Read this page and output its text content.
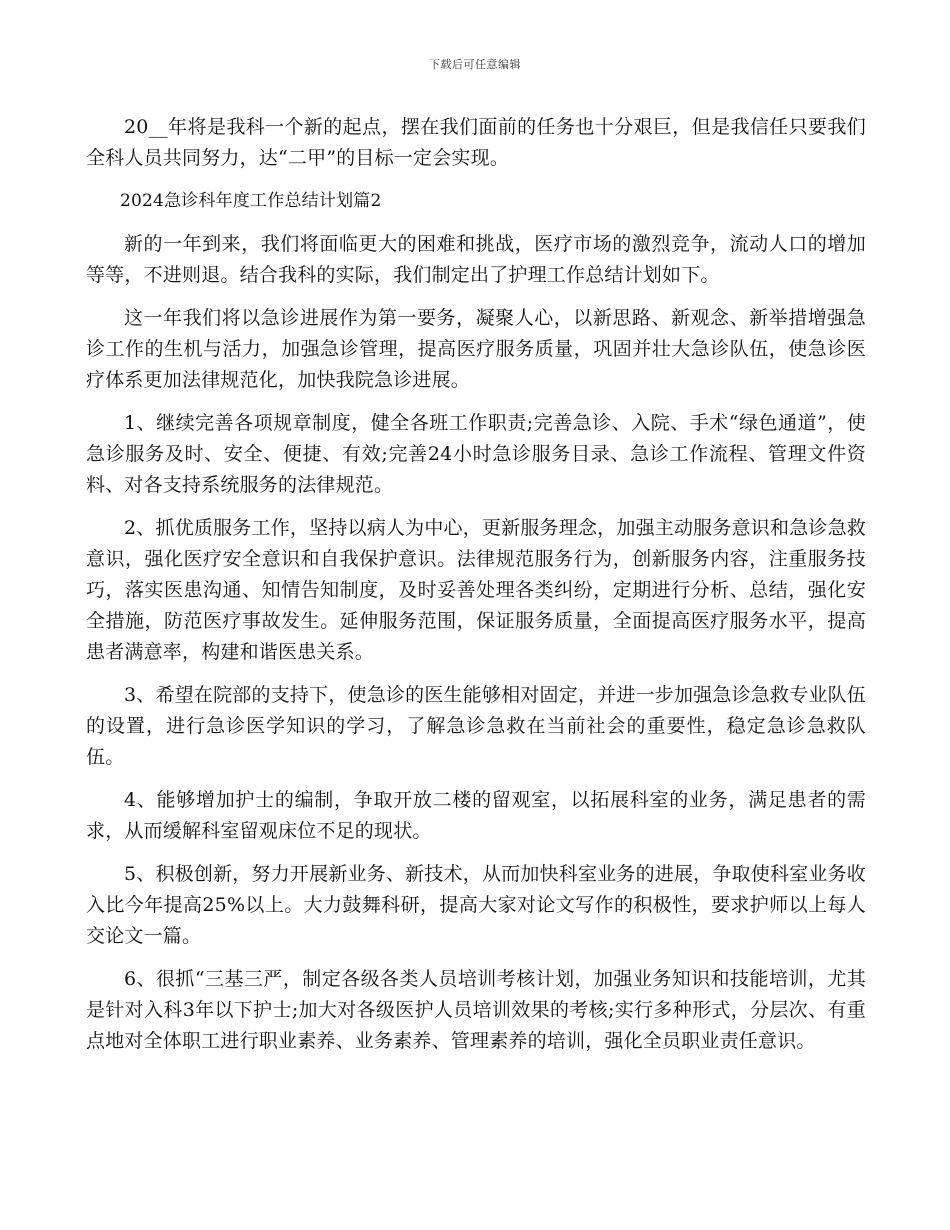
下载后可任意编辑

20__年将是我科一个新的起点，摆在我们面前的任务也十分艰巨，但是我信任只要我们全科人员共同努力，达“二甲”的目标一定会实现。

2024急诊科年度工作总结计划篇2

新的一年到来，我们将面临更大的困难和挑战，医疗市场的激烈竞争，流动人口的增加等等，不进则退。结合我科的实际，我们制定出了护理工作总结计划如下。

这一年我们将以急诊进展作为第一要务，凝聚人心，以新思路、新观念、新举措增强急诊工作的生机与活力，加强急诊管理，提高医疗服务质量，巩固并壮大急诊队伍，使急诊医疗体系更加法律规范化，加快我院急诊进展。

1、继续完善各项规章制度，健全各班工作职责;完善急诊、入院、手术“绿色通道”，使急诊服务及时、安全、便捷、有效;完善24小时急诊服务目录、急诊工作流程、管理文件资料、对各支持系统服务的法律规范。

2、抓优质服务工作，坚持以病人为中心，更新服务理念，加强主动服务意识和急诊急救意识，强化医疗安全意识和自我保护意识。法律规范服务行为，创新服务内容，注重服务技巧，落实医患沟通、知情告知制度，及时妥善处理各类纠纷，定期进行分析、总结，强化安全措施，防范医疗事故发生。延伸服务范围，保证服务质量，全面提高医疗服务水平，提高患者满意率，构建和谐医患关系。

3、希望在院部的支持下，使急诊的医生能够相对固定，并进一步加强急诊急救专业队伍的设置，进行急诊医学知识的学习，了解急诊急救在当前社会的重要性，稳定急诊急救队伍。

4、能够增加护士的编制，争取开放二楼的留观室，以拓展科室的业务，满足患者的需求，从而缓解科室留观床位不足的现状。

5、积极创新，努力开展新业务、新技术，从而加快科室业务的进展，争取使科室业务收入比今年提高25%以上。大力鼓舞科研，提高大家对论文写作的积极性，要求护师以上每人交论文一篇。

6、很抓“三基三严，制定各级各类人员培训考核计划，加强业务知识和技能培训，尤其是针对入科3年以下护士;加大对各级医护人员培训效果的考核;实行多种形式，分层次、有重点地对全体职工进行职业素养、业务素养、管理素养的培训，强化全员职业责任意识。
